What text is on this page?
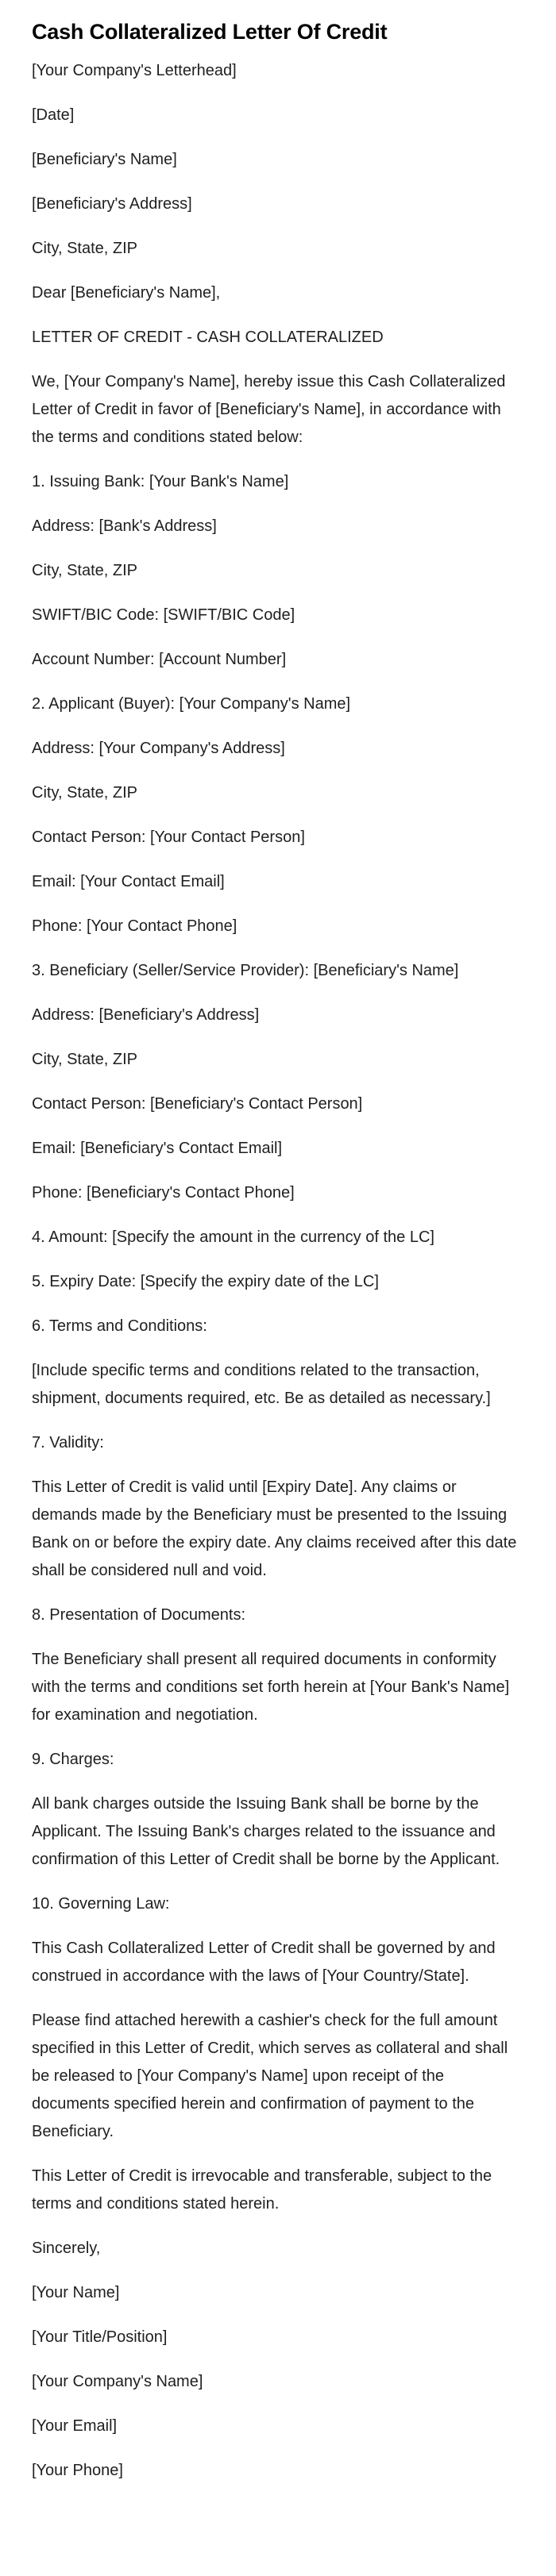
Cash Collateralized Letter Of Credit

[Your Company's Letterhead]

[Date]

[Beneficiary's Name]

[Beneficiary's Address]

City, State, ZIP

Dear [Beneficiary's Name],

LETTER OF CREDIT - CASH COLLATERALIZED

We, [Your Company's Name], hereby issue this Cash Collateralized Letter of Credit in favor of [Beneficiary's Name], in accordance with the terms and conditions stated below:

1. Issuing Bank: [Your Bank's Name]

Address: [Bank's Address]

City, State, ZIP

SWIFT/BIC Code: [SWIFT/BIC Code]

Account Number: [Account Number]

2. Applicant (Buyer): [Your Company's Name]

Address: [Your Company's Address]

City, State, ZIP

Contact Person: [Your Contact Person]

Email: [Your Contact Email]

Phone: [Your Contact Phone]

3. Beneficiary (Seller/Service Provider): [Beneficiary's Name]

Address: [Beneficiary's Address]

City, State, ZIP

Contact Person: [Beneficiary's Contact Person]

Email: [Beneficiary's Contact Email]

Phone: [Beneficiary's Contact Phone]

4. Amount: [Specify the amount in the currency of the LC]

5. Expiry Date: [Specify the expiry date of the LC]

6. Terms and Conditions:

[Include specific terms and conditions related to the transaction, shipment, documents required, etc. Be as detailed as necessary.]

7. Validity:

This Letter of Credit is valid until [Expiry Date]. Any claims or demands made by the Beneficiary must be presented to the Issuing Bank on or before the expiry date. Any claims received after this date shall be considered null and void.

8. Presentation of Documents:

The Beneficiary shall present all required documents in conformity with the terms and conditions set forth herein at [Your Bank's Name] for examination and negotiation.

9. Charges:

All bank charges outside the Issuing Bank shall be borne by the Applicant. The Issuing Bank's charges related to the issuance and confirmation of this Letter of Credit shall be borne by the Applicant.

10. Governing Law:

This Cash Collateralized Letter of Credit shall be governed by and construed in accordance with the laws of [Your Country/State].

Please find attached herewith a cashier's check for the full amount specified in this Letter of Credit, which serves as collateral and shall be released to [Your Company's Name] upon receipt of the documents specified herein and confirmation of payment to the Beneficiary.

This Letter of Credit is irrevocable and transferable, subject to the terms and conditions stated herein.

Sincerely,

[Your Name]

[Your Title/Position]

[Your Company's Name]

[Your Email]

[Your Phone]
